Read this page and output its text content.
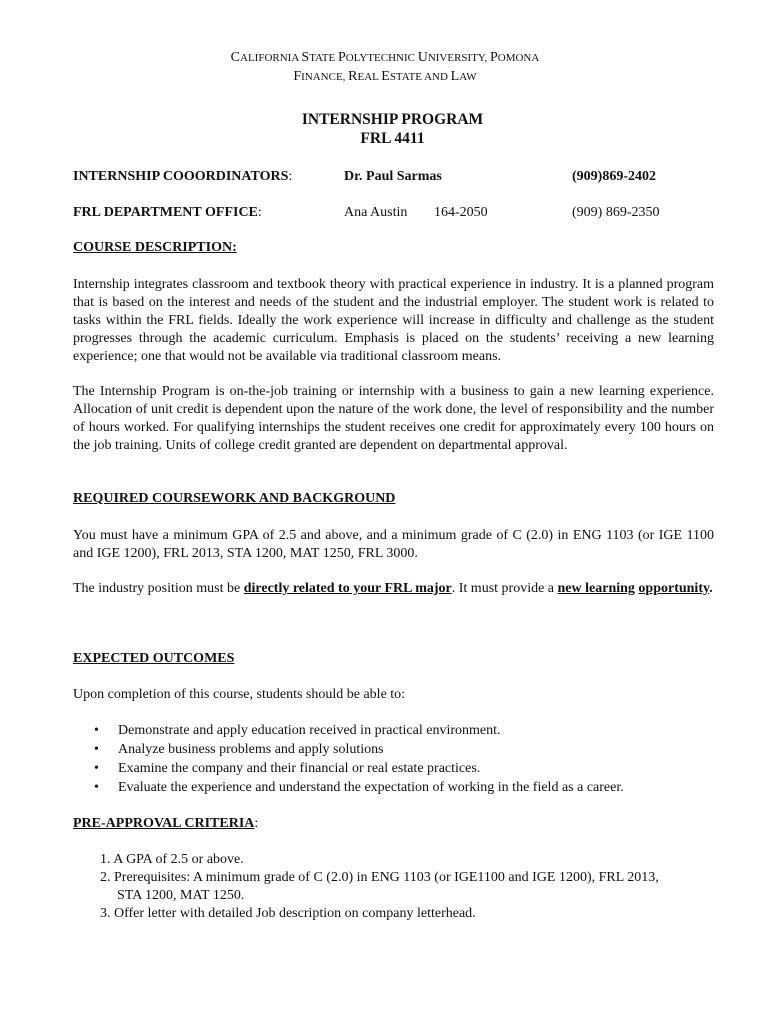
CALIFORNIA STATE POLYTECHNIC UNIVERSITY, POMONA
FINANCE, REAL ESTATE AND LAW
INTERNSHIP PROGRAM
FRL 4411
INTERNSHIP COOORDINATORS:	Dr. Paul Sarmas	(909)869-2402
FRL DEPARTMENT OFFICE:	Ana Austin 164-2050	(909) 869-2350
COURSE DESCRIPTION:
Internship integrates classroom and textbook theory with practical experience in industry. It is a planned program that is based on the interest and needs of the student and the industrial employer. The student work is related to tasks within the FRL fields. Ideally the work experience will increase in difficulty and challenge as the student progresses through the academic curriculum. Emphasis is placed on the students’ receiving a new learning experience; one that would not be available via traditional classroom means.
The Internship Program is on-the-job training or internship with a business to gain a new learning experience. Allocation of unit credit is dependent upon the nature of the work done, the level of responsibility and the number of hours worked. For qualifying internships the student receives one credit for approximately every 100 hours on the job training. Units of college credit granted are dependent on departmental approval.
REQUIRED COURSEWORK AND BACKGROUND
You must have a minimum GPA of 2.5 and above, and a minimum grade of C (2.0) in ENG 1103 (or IGE 1100 and IGE 1200), FRL 2013, STA 1200, MAT 1250, FRL 3000.
The industry position must be directly related to your FRL major. It must provide a new learning opportunity.
EXPECTED OUTCOMES
Upon completion of this course, students should be able to:
• Demonstrate and apply education received in practical environment.
• Analyze business problems and apply solutions
• Examine the company and their financial or real estate practices.
• Evaluate the experience and understand the expectation of working in the field as a career.
PRE-APPROVAL CRITERIA:
1. A GPA of 2.5 or above.
2. Prerequisites: A minimum grade of C (2.0) in ENG 1103 (or IGE1100 and IGE 1200), FRL 2013,
STA 1200, MAT 1250.
3. Offer letter with detailed Job description on company letterhead.
